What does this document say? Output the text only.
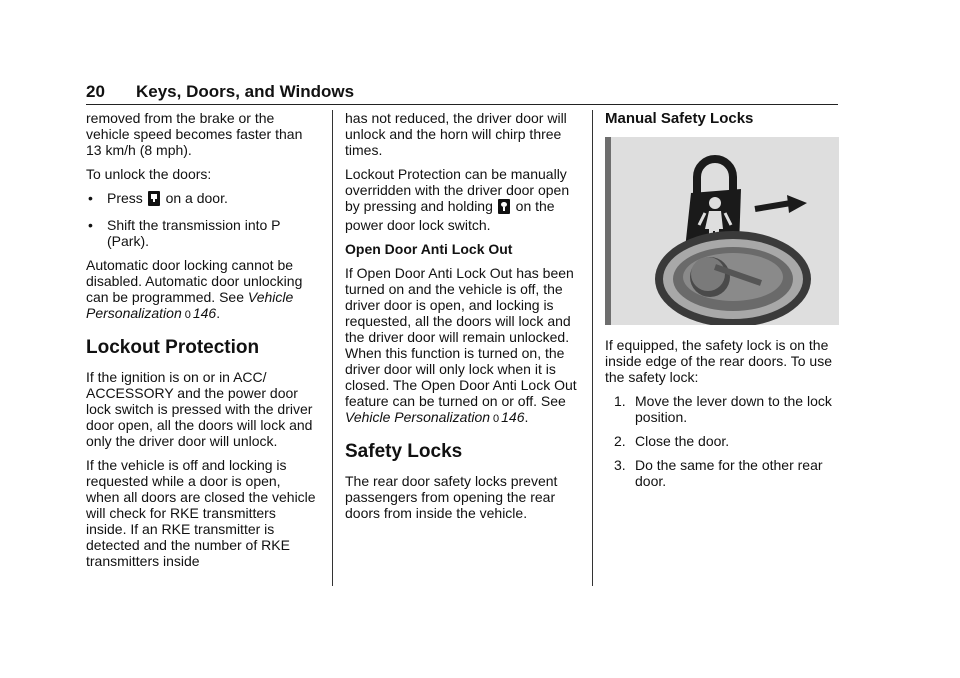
20 Keys, Doors, and Windows

removed from the brake or the vehicle speed becomes faster than 13 km/h (8 mph).

To unlock the doors:

• Press on a door.
• Shift the transmission into P (Park).

Automatic door locking cannot be disabled. Automatic door unlocking can be programmed. See Vehicle Personalization 0 146.

Lockout Protection

If the ignition is on or in ACC/ ACCESSORY and the power door lock switch is pressed with the driver door open, all the doors will lock and only the driver door will unlock.

If the vehicle is off and locking is requested while a door is open, when all doors are closed the vehicle will check for RKE transmitters inside. If an RKE transmitter is detected and the number of RKE transmitters inside

has not reduced, the driver door will unlock and the horn will chirp three times.

Lockout Protection can be manually overridden with the driver door open by pressing and holding on the power door lock switch.

Open Door Anti Lock Out

If Open Door Anti Lock Out has been turned on and the vehicle is off, the driver door is open, and locking is requested, all the doors will lock and the driver door will remain unlocked. When this function is turned on, the driver door will only lock when it is closed. The Open Door Anti Lock Out feature can be turned on or off. See Vehicle Personalization 0 146.

Safety Locks

The rear door safety locks prevent passengers from opening the rear doors from inside the vehicle.

Manual Safety Locks

If equipped, the safety lock is on the inside edge of the rear doors. To use the safety lock:

1. Move the lever down to the lock position.
2. Close the door.
3. Do the same for the other rear door.
